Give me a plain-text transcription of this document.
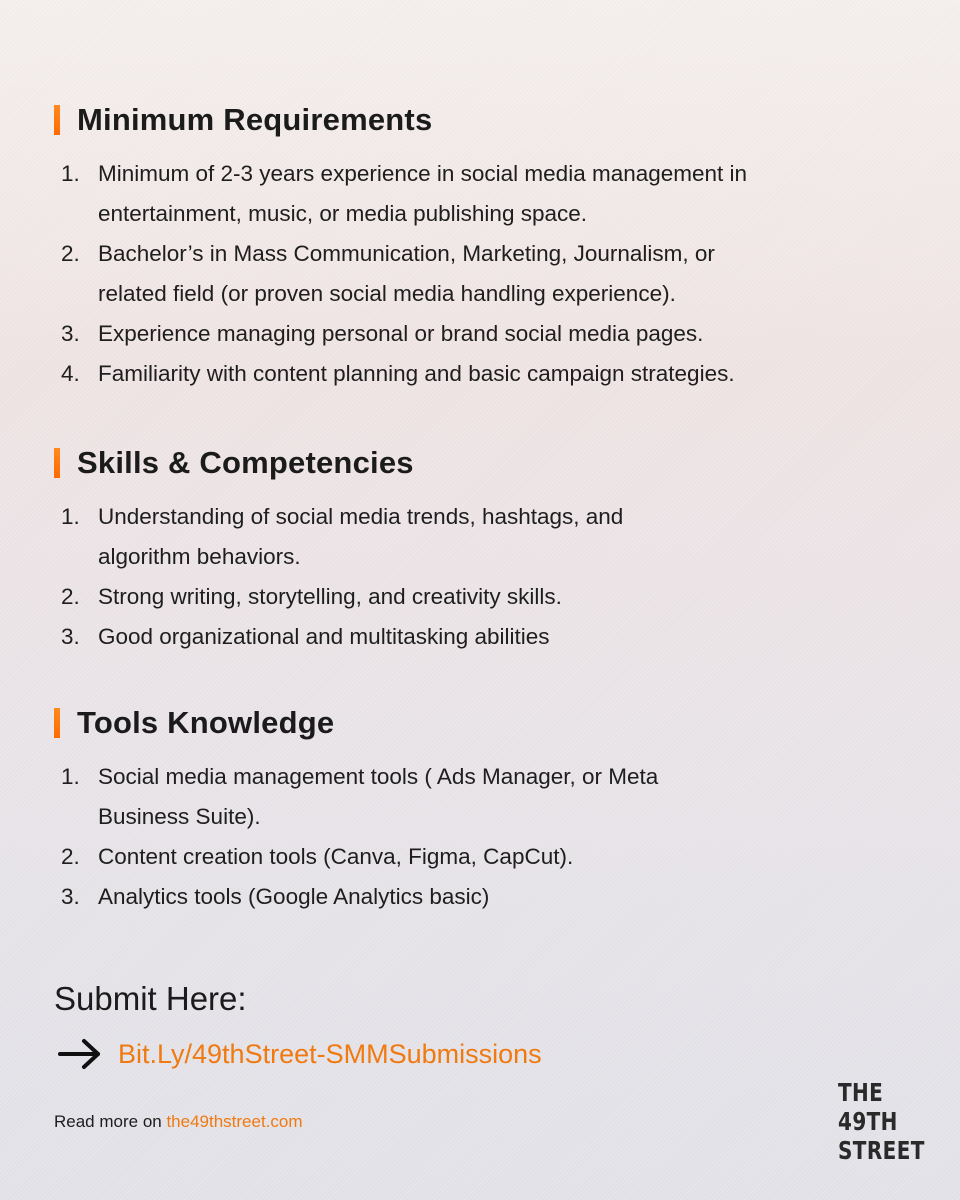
Minimum Requirements
1. Minimum of 2-3 years experience in social media management in
entertainment, music, or media publishing space.
2. Bachelor’s in Mass Communication, Marketing, Journalism, or
related field (or proven social media handling experience).
3. Experience managing personal or brand social media pages.
4. Familiarity with content planning and basic campaign strategies.
Skills & Competencies
1. Understanding of social media trends, hashtags, and
algorithm behaviors.
2. Strong writing, storytelling, and creativity skills.
3. Good organizational and multitasking abilities
Tools Knowledge
1. Social media management tools ( Ads Manager, or Meta
Business Suite).
2. Content creation tools (Canva, Figma, CapCut).
3. Analytics tools (Google Analytics basic)
Submit Here:
Bit.Ly/49thStreet-SMMSubmissions
Read more on the49thstreet.com
THE
49TH
STREET
